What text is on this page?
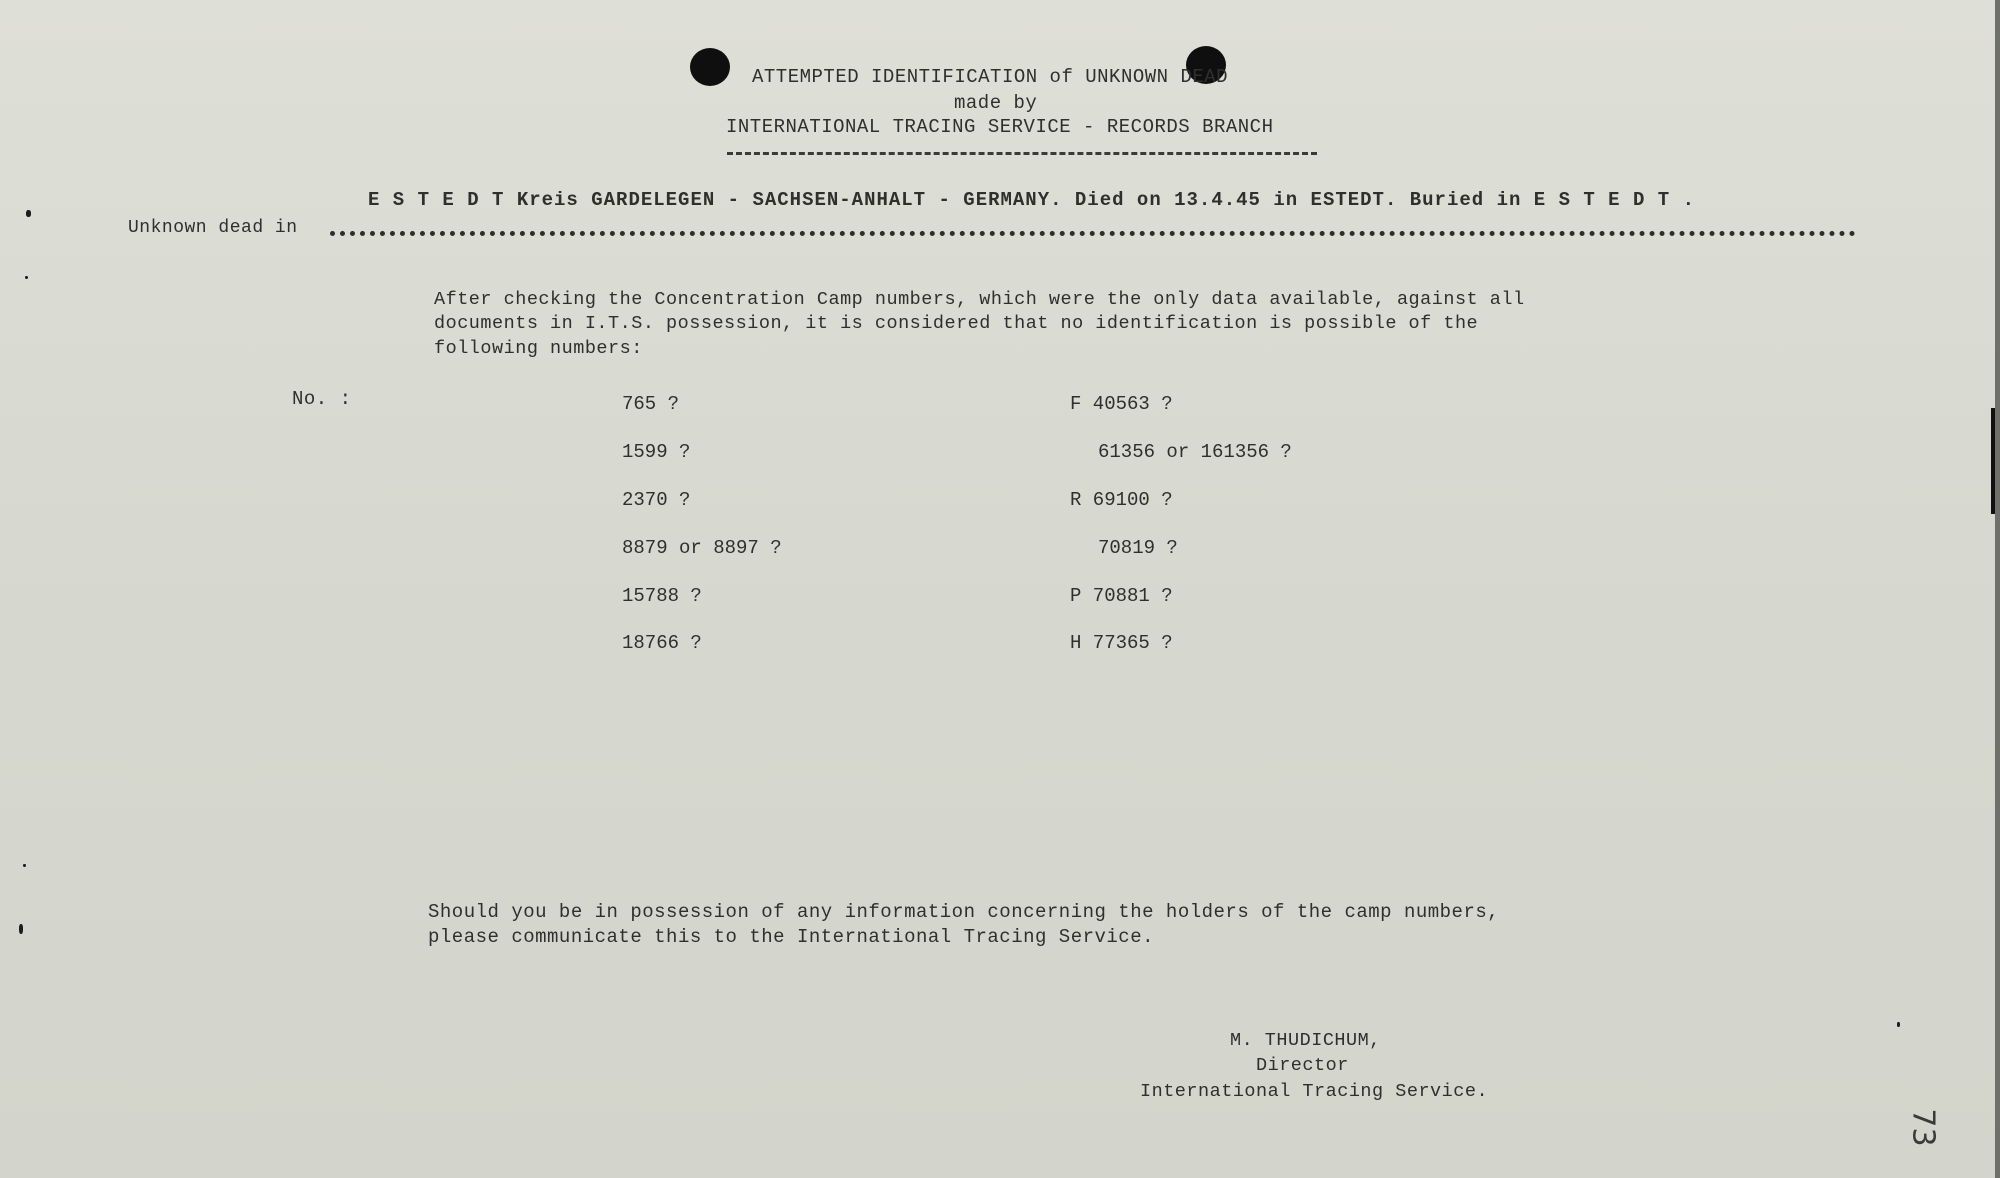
ATTEMPTED IDENTIFICATION of UNKNOWN DEAD
made by
INTERNATIONAL TRACING SERVICE - RECORDS BRANCH
E S T E D T Kreis GARDELEGEN - SACHSEN-ANHALT - GERMANY. Died on 13.4.45 in ESTEDT. Buried in E S T E D T .
Unknown dead in
After checking the Concentration Camp numbers, which were the only data available, against all
documents in I.T.S. possession, it is considered that no identification is possible of the
following numbers:
No. :	765 ?
1599 ?
2370 ?
8879 or 8897 ?
15788 ?
18766 ?
F 40563 ?
61356 or 161356 ?
R 69100 ?
70819 ?
P 70881 ?
H 77365 ?
Should you be in possession of any information concerning the holders of the camp numbers,
please communicate this to the International Tracing Service.
M. THUDICHUM,
Director
International Tracing Service.
73
